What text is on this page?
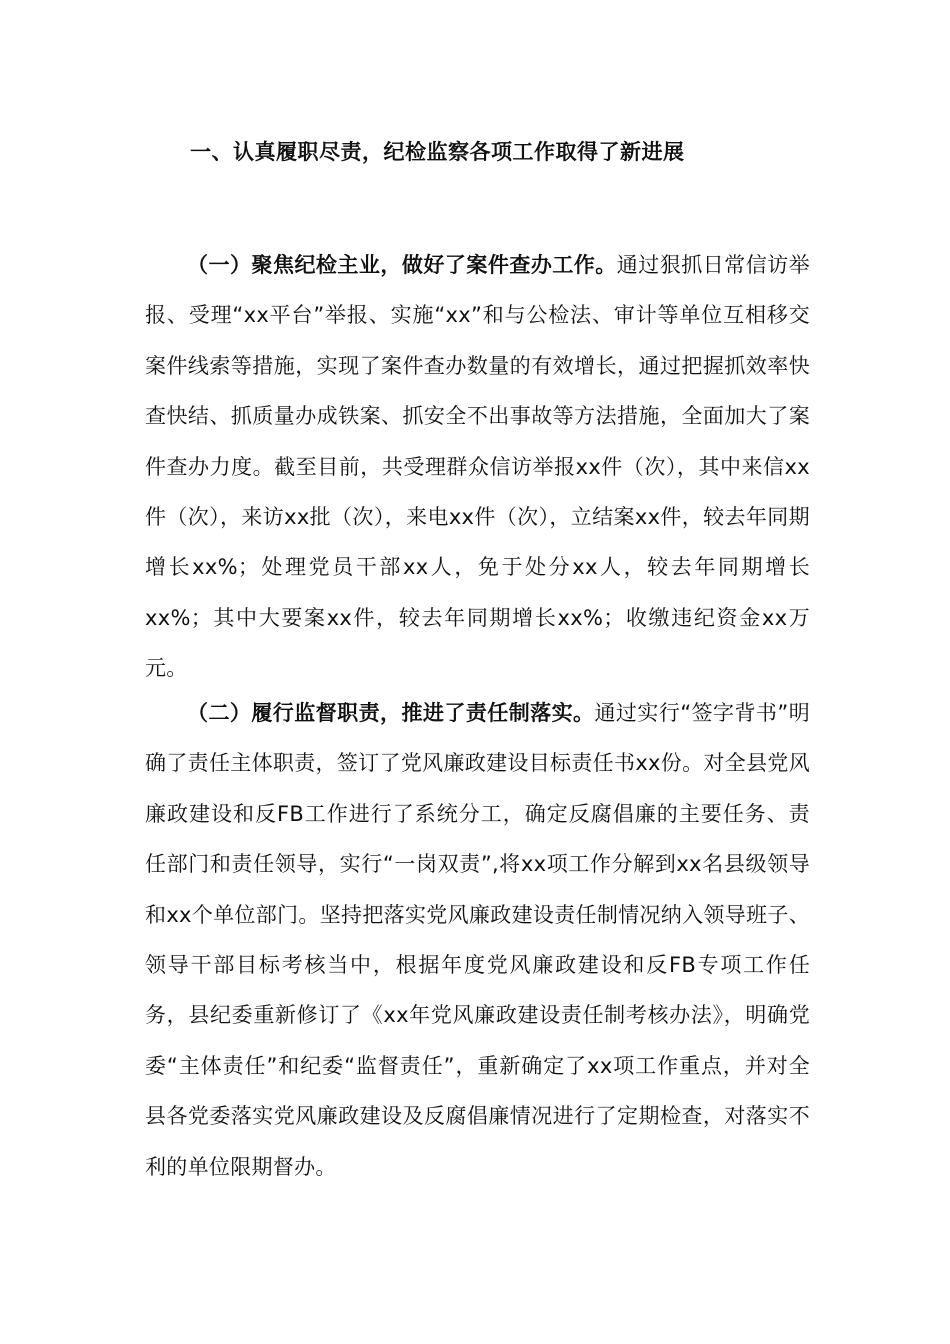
一、认真履职尽责，纪检监察各项工作取得了新进展
（一）聚焦纪检主业，做好了案件查办工作。通过狠抓日常信访举报、受理“xx平台”举报、实施“xx”和与公检法、审计等单位互相移交案件线索等措施，实现了案件查办数量的有效增长，通过把握抓效率快查快结、抓质量办成铁案、抓安全不出事故等方法措施，全面加大了案件查办力度。截至目前，共受理群众信访举报xx件（次），其中来信xx件（次），来访xx批（次），来电xx件（次），立结案xx件，较去年同期增长xx%；处理党员干部xx人，免于处分xx人，较去年同期增长xx%；其中大要案xx件，较去年同期增长xx%；收缴违纪资金xx万元。
（二）履行监督职责，推进了责任制落实。通过实行“签字背书”明确了责任主体职责，签订了党风廉政建设目标责任书xx份。对全县党风廉政建设和反FB工作进行了系统分工，确定反腐倡廉的主要任务、责任部门和责任领导，实行“一岗双责”,将xx项工作分解到xx名县级领导和xx个单位部门。坚持把落实党风廉政建设责任制情况纳入领导班子、领导干部目标考核当中，根据年度党风廉政建设和反FB专项工作任务，县纪委重新修订了《xx年党风廉政建设责任制考核办法》，明确党委“主体责任”和纪委“监督责任”，重新确定了xx项工作重点，并对全县各党委落实党风廉政建设及反腐倡廉情况进行了定期检查，对落实不利的单位限期督办。
